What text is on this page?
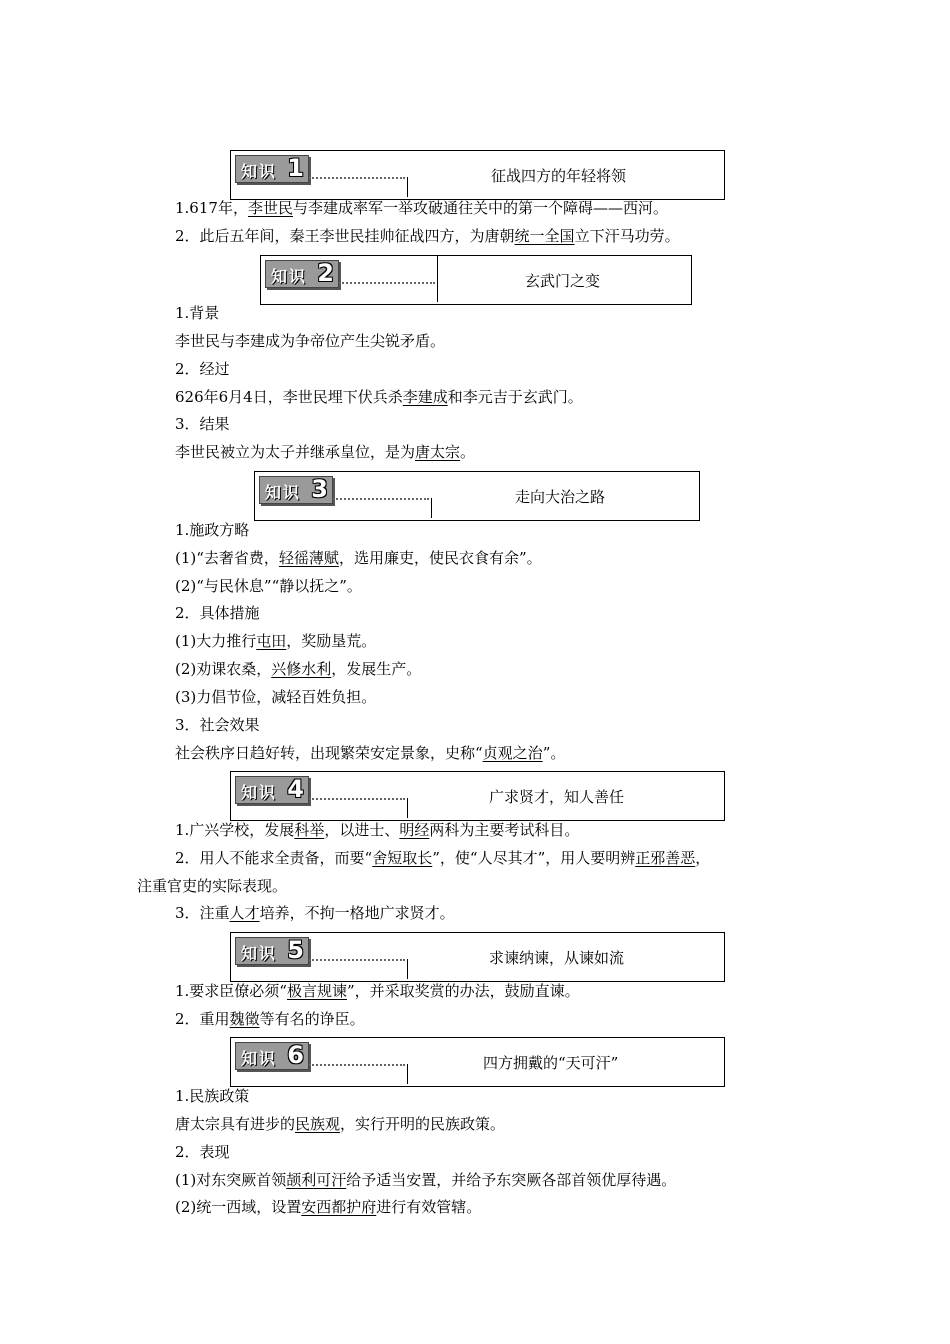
知识 1	征战四方的年轻将领
1.617年，李世民与李建成率军一举攻破通往关中的第一个障碍——西河。
2．此后五年间，秦王李世民挂帅征战四方，为唐朝统一全国立下汗马功劳。
知识 2	玄武门之变
1.背景
李世民与李建成为争帝位产生尖锐矛盾。
2．经过
626年6月4日，李世民埋下伏兵杀李建成和李元吉于玄武门。
3．结果
李世民被立为太子并继承皇位，是为唐太宗。
知识 3	走向大治之路
1.施政方略
(1)“去奢省费，轻徭薄赋，选用廉吏，使民衣食有余”。
(2)“与民休息”“静以抚之”。
2．具体措施
(1)大力推行屯田，奖励垦荒。
(2)劝课农桑，兴修水利，发展生产。
(3)力倡节俭，减轻百姓负担。
3．社会效果
社会秩序日趋好转，出现繁荣安定景象，史称“贞观之治”。
知识 4	广求贤才，知人善任
1.广兴学校，发展科举，以进士、明经两科为主要考试科目。
2．用人不能求全责备，而要“舍短取长”，使“人尽其才”，用人要明辨正邪善恶，
注重官吏的实际表现。
3．注重人才培养，不拘一格地广求贤才。
知识 5	求谏纳谏，从谏如流
1.要求臣僚必须“极言规谏”，并采取奖赏的办法，鼓励直谏。
2．重用魏徵等有名的诤臣。
知识 6	四方拥戴的“天可汗”
1.民族政策
唐太宗具有进步的民族观，实行开明的民族政策。
2．表现
(1)对东突厥首领颉利可汗给予适当安置，并给予东突厥各部首领优厚待遇。
(2)统一西域，设置安西都护府进行有效管辖。
